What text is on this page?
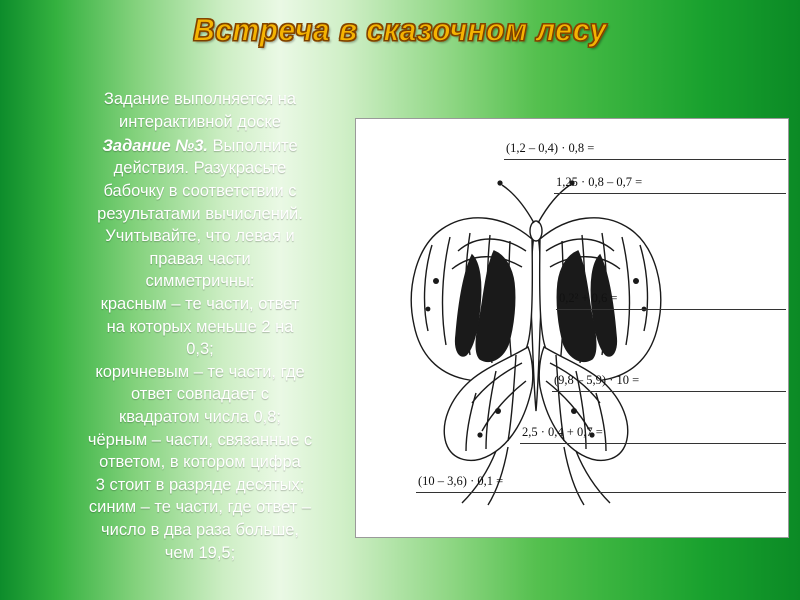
Встреча в сказочном лесу

Задание выполняется на

интерактивной доске

Задание №3. Выполните

действия. Разукрасьте

бабочку в соответствии с

результатами вычислений.

Учитывайте, что левая и

правая части

симметричны:

красным – те части, ответ

на которых меньше 2 на

0,3;

коричневым – те части, где

ответ совпадает с

квадратом числа 0,8;

чёрным – части, связанные с

ответом, в котором цифра

3 стоит в разряде десятых;

синим – те части, где ответ –

число в два раза больше,

чем 19,5;

(1,2 – 0,4) · 0,8 =
1,25 · 0,8 – 0,7 =
0,2² + 0,6 =
(9,8 – 5,9) · 10 =
2,5 · 0,4 + 0,7 =
(10 – 3,6) · 0,1 =
